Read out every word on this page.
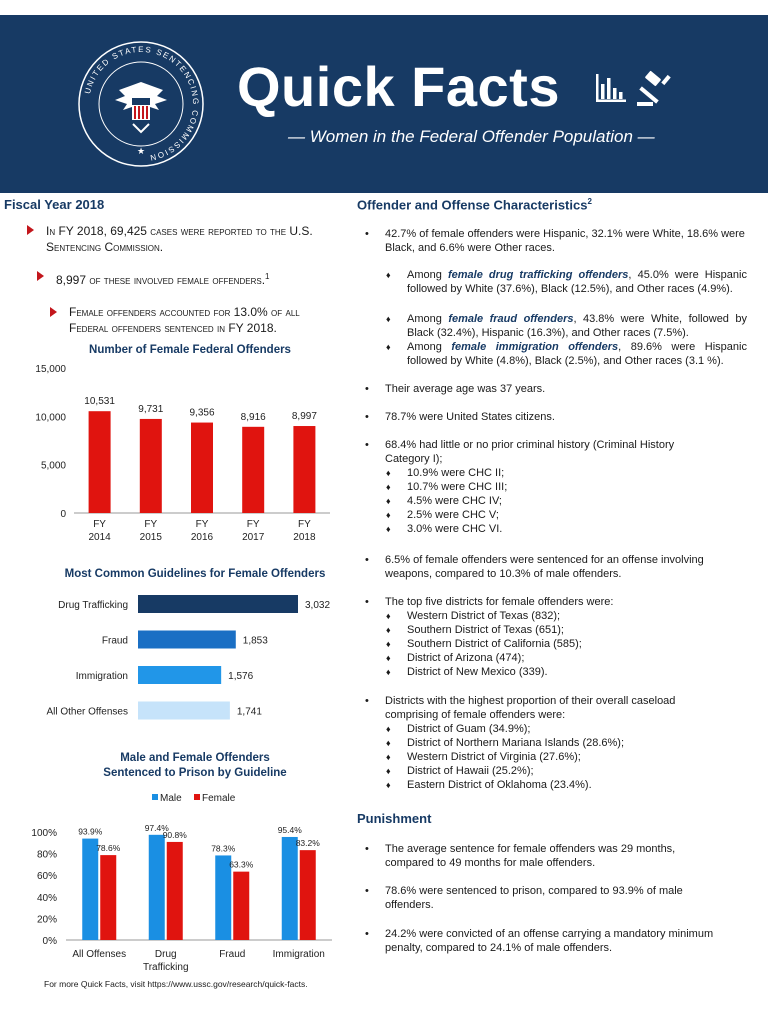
UNITED STATES SENTENCING COMMISSION
★
Quick Facts
— Women in the Federal Offender Population —
Fiscal Year 2018
In FY 2018, 69,425 cases were reported to the U.S.
Sentencing Commission.
8,997 of these involved female offenders.$^1$
Female offenders accounted for 13.0% of all
Federal offenders sentenced in FY 2018.
Number of Female Federal Offenders
0
5,000
10,000
15,000
10,531
FY
2014
9,731
FY
2015
9,356
FY
2016
8,916
FY
2017
8,997
FY
2018
Most Common Guidelines for Female Offenders
Drug Trafficking	3,032
Fraud	1,853
Immigration	1,576
All Other Offenses	1,741
Male and Female Offenders
Sentenced to Prison by Guideline
Male Female
0%
20%
40%
60%
80%
100% 93.9%
78.6%
All Offenses
97.4%
90.8%
Drug
Trafficking
78.3%
63.3%
Fraud
95.4%
83.2%
Immigration
For more Quick Facts, visit https://www.ussc.gov/research/quick-facts.
Offender and Offense Characteristics$^2$
• 42.7% of female offenders were Hispanic, 32.1% were White, 18.6% were Black, and 6.6% were Other races.
♦ Among female drug trafficking offenders, 45.0% were Hispanic followed by White (37.6%), Black (12.5%), and Other races (4.9%).
♦ Among female fraud offenders, 43.8% were White, followed by Black (32.4%), Hispanic (16.3%), and Other races (7.5%).
♦ Among female immigration offenders, 89.6% were Hispanic followed by White (4.8%), Black (2.5%), and Other races (3.1 %).
• Their average age was 37 years.
• 78.7% were United States citizens.
• 68.4% had little or no prior criminal history (Criminal History Category I);
♦ 10.9% were CHC II;
♦ 10.7% were CHC III;
♦ 4.5% were CHC IV;
♦ 2.5% were CHC V;
♦ 3.0% were CHC VI.
• 6.5% of female offenders were sentenced for an offense involving weapons, compared to 10.3% of male offenders.
• The top five districts for female offenders were:
♦ Western District of Texas (832);
♦ Southern District of Texas (651);
♦ Southern District of California (585);
♦ District of Arizona (474);
♦ District of New Mexico (339).
• Districts with the highest proportion of their overall caseload comprising of female offenders were:
♦ District of Guam (34.9%);
♦ District of Northern Mariana Islands (28.6%);
♦ Western District of Virginia (27.6%);
♦ District of Hawaii (25.2%);
♦ Eastern District of Oklahoma (23.4%).
Punishment
• The average sentence for female offenders was 29 months, compared to 49 months for male offenders.
• 78.6% were sentenced to prison, compared to 93.9% of male offenders.
• 24.2% were convicted of an offense carrying a mandatory minimum penalty, compared to 24.1% of male offenders.
